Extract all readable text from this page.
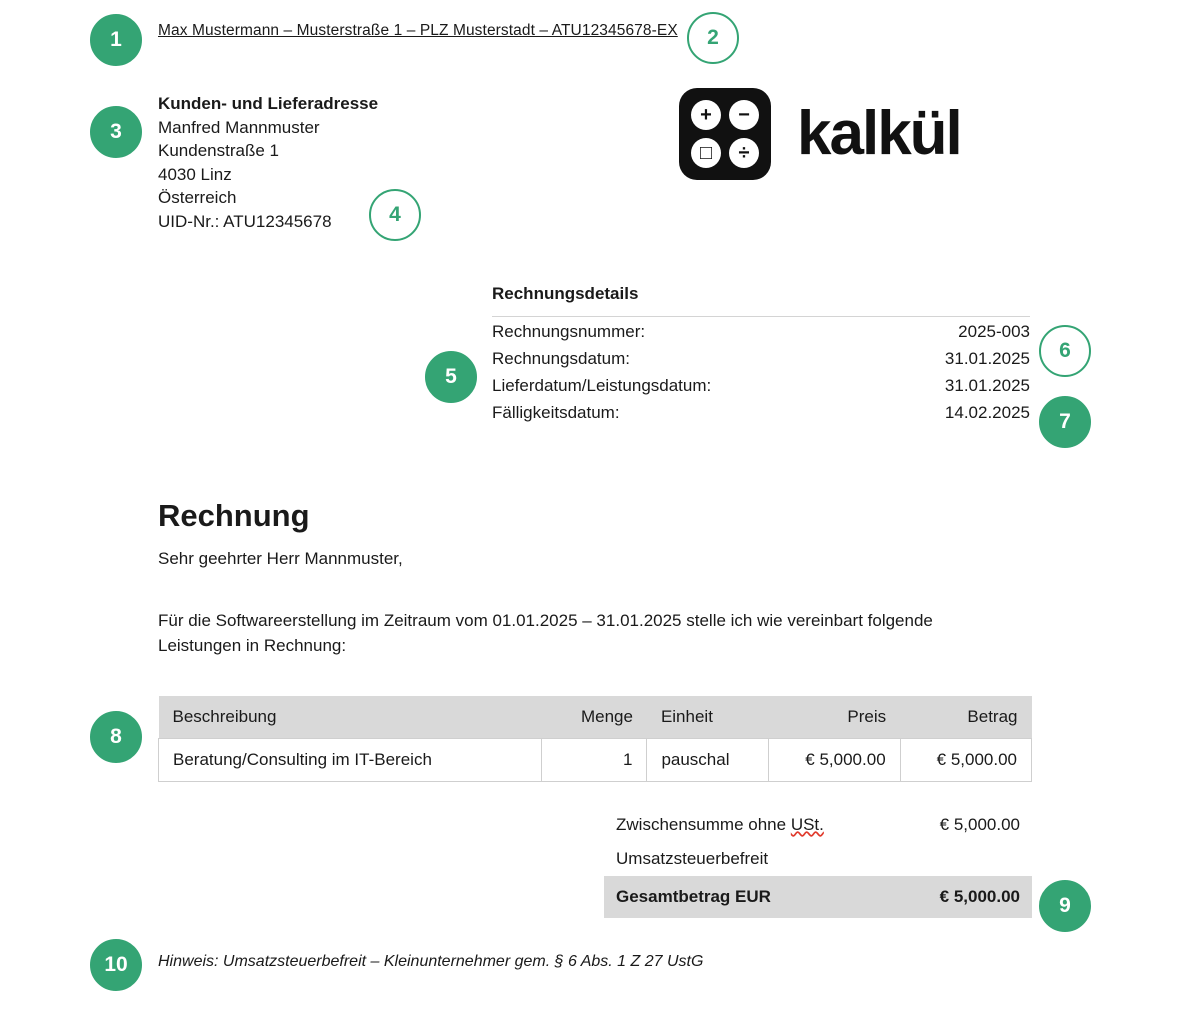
1	2
3
4
5
6
7
8
9
10
Max Mustermann – Musterstraße 1 – PLZ Musterstadt – ATU12345678-EX
Kunden- und Lieferadresse
Manfred Mannmuster
Kundenstraße 1
4030 Linz
Österreich
UID-Nr.: ATU12345678
+	−
□	÷ kalkül
Rechnungsdetails
Rechnungsnummer:	2025-003
Rechnungsdatum:	31.01.2025
Lieferdatum/Leistungsdatum:	31.01.2025
Fälligkeitsdatum:	14.02.2025
Rechnung
Sehr geehrter Herr Mannmuster,
Für die Softwareerstellung im Zeitraum vom 01.01.2025 – 31.01.2025 stelle ich wie vereinbart folgende Leistungen in Rechnung:
Beschreibung	Menge	Einheit	Preis	Betrag
Beratung/Consulting im IT-Bereich	1	pauschal	€ 5,000.00	€ 5,000.00
Zwischensumme ohne USt.	€ 5,000.00
Umsatzsteuerbefreit
Gesamtbetrag EUR	€ 5,000.00
Hinweis: Umsatzsteuerbefreit – Kleinunternehmer gem. § 6 Abs. 1 Z 27 UstG
